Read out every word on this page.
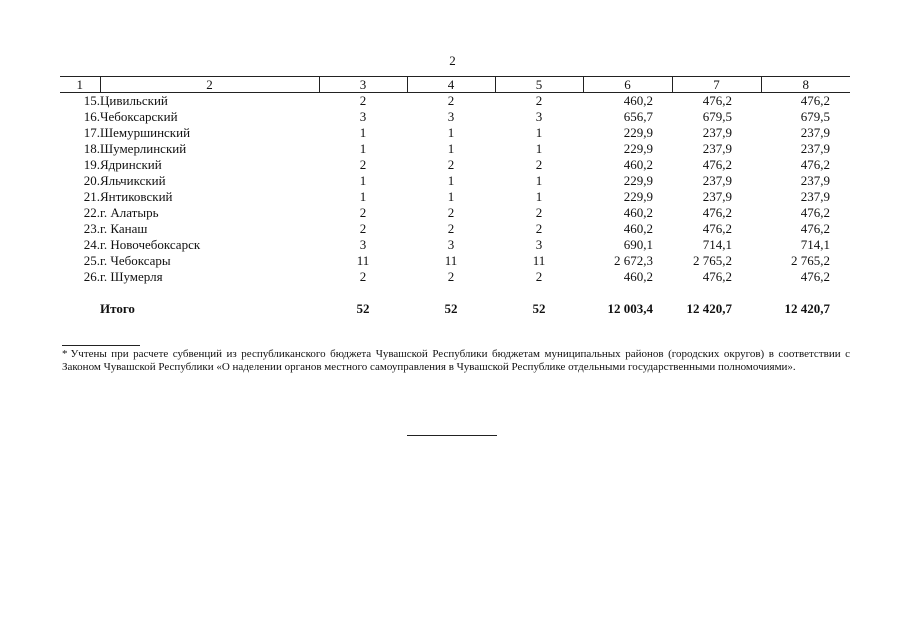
2
1	2	3	4	5	6	7	8
15.	Цивильский	2	2	2	460,2	476,2	476,2
16.	Чебоксарский	3	3	3	656,7	679,5	679,5
17.	Шемуршинский	1	1	1	229,9	237,9	237,9
18.	Шумерлинский	1	1	1	229,9	237,9	237,9
19.	Ядринский	2	2	2	460,2	476,2	476,2
20.	Яльчикский	1	1	1	229,9	237,9	237,9
21.	Янтиковский	1	1	1	229,9	237,9	237,9
22.	г. Алатырь	2	2	2	460,2	476,2	476,2
23.	г. Канаш	2	2	2	460,2	476,2	476,2
24.	г. Новочебоксарск	3	3	3	690,1	714,1	714,1
25.	г. Чебоксары	11	11	11	2 672,3	2 765,2	2 765,2
26.	г. Шумерля	2	2	2	460,2	476,2	476,2

	Итого	52	52	52	12 003,4	12 420,7	12 420,7
* Учтены при расчете субвенций из республиканского бюджета Чувашской Республики бюджетам муниципальных районов (городских округов) в соответствии с Законом Чувашской Республики «О наделении органов местного самоуправления в Чувашской Республике отдельными государственными полномочиями».
